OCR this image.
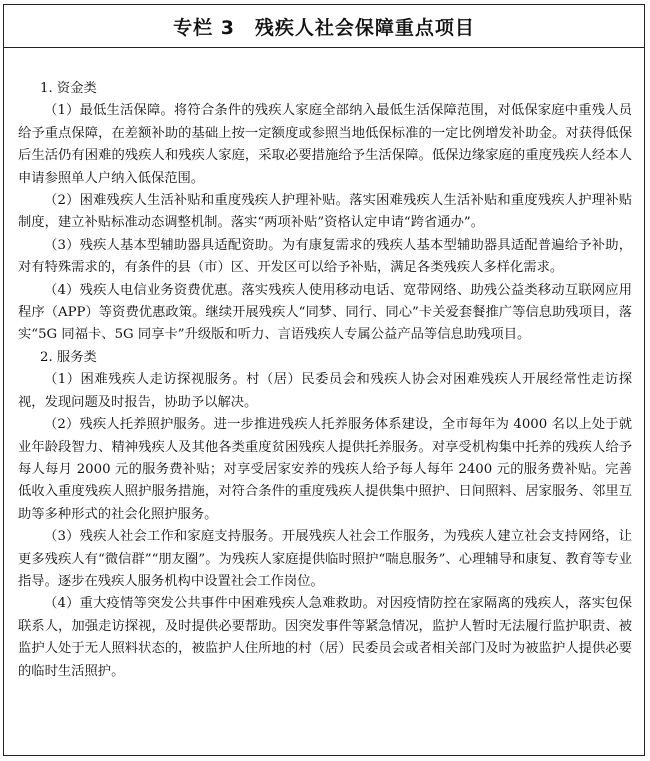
专栏 3　残疾人社会保障重点项目

1. 资金类

（1）最低生活保障。将符合条件的残疾人家庭全部纳入最低生活保障范围，对低保家庭中重残人员给予重点保障，在差额补助的基础上按一定额度或参照当地低保标准的一定比例增发补助金。对获得低保后生活仍有困难的残疾人和残疾人家庭，采取必要措施给予生活保障。低保边缘家庭的重度残疾人经本人申请参照单人户纳入低保范围。

（2）困难残疾人生活补贴和重度残疾人护理补贴。落实困难残疾人生活补贴和重度残疾人护理补贴制度，建立补贴标准动态调整机制。落实“两项补贴”资格认定申请“跨省通办”。

（3）残疾人基本型辅助器具适配资助。为有康复需求的残疾人基本型辅助器具适配普遍给予补助，对有特殊需求的，有条件的县（市）区、开发区可以给予补贴，满足各类残疾人多样化需求。

（4）残疾人电信业务资费优惠。落实残疾人使用移动电话、宽带网络、助残公益类移动互联网应用程序（APP）等资费优惠政策。继续开展残疾人“同梦、同行、同心”卡关爱套餐推广等信息助残项目，落实“5G 同福卡、5G 同享卡”升级版和听力、言语残疾人专属公益产品等信息助残项目。

2. 服务类

（1）困难残疾人走访探视服务。村（居）民委员会和残疾人协会对困难残疾人开展经常性走访探视，发现问题及时报告，协助予以解决。

（2）残疾人托养照护服务。进一步推进残疾人托养服务体系建设，全市每年为 4000 名以上处于就业年龄段智力、精神残疾人及其他各类重度贫困残疾人提供托养服务。对享受机构集中托养的残疾人给予每人每月 2000 元的服务费补贴；对享受居家安养的残疾人给予每人每年 2400 元的服务费补贴。完善低收入重度残疾人照护服务措施，对符合条件的重度残疾人提供集中照护、日间照料、居家服务、邻里互助等多种形式的社会化照护服务。

（3）残疾人社会工作和家庭支持服务。开展残疾人社会工作服务，为残疾人建立社会支持网络，让更多残疾人有“微信群”“朋友圈”。为残疾人家庭提供临时照护“喘息服务”、心理辅导和康复、教育等专业指导。逐步在残疾人服务机构中设置社会工作岗位。

（4）重大疫情等突发公共事件中困难残疾人急难救助。对因疫情防控在家隔离的残疾人，落实包保联系人，加强走访探视，及时提供必要帮助。因突发事件等紧急情况，监护人暂时无法履行监护职责、被监护人处于无人照料状态的，被监护人住所地的村（居）民委员会或者相关部门及时为被监护人提供必要的临时生活照护。
